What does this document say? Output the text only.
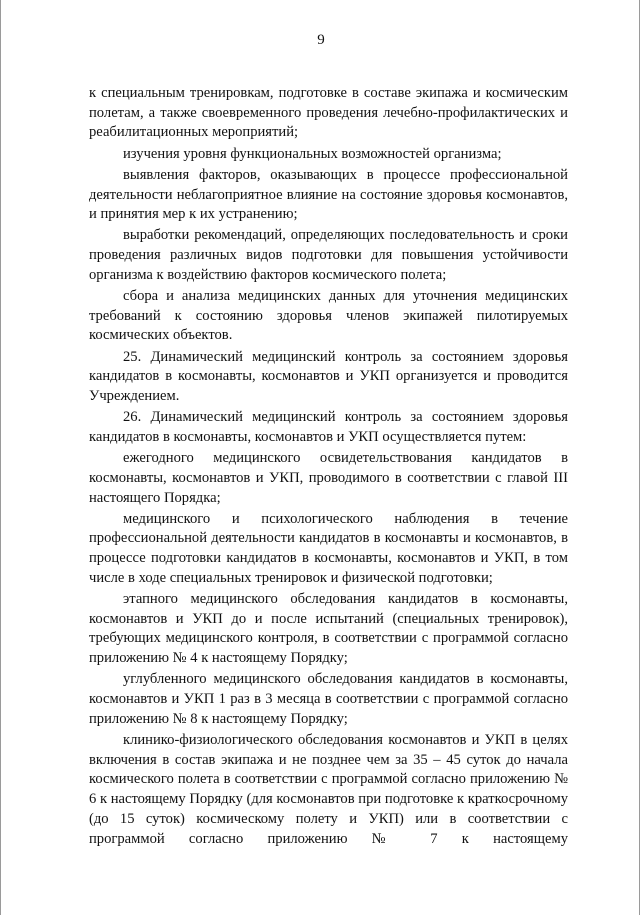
9

к специальным тренировкам, подготовке в составе экипажа и космическим полетам, а также своевременного проведения лечебно-профилактических и реабилитационных мероприятий;

изучения уровня функциональных возможностей организма;

выявления факторов, оказывающих в процессе профессиональной деятельности неблагоприятное влияние на состояние здоровья космонавтов, и принятия мер к их устранению;

выработки рекомендаций, определяющих последовательность и сроки проведения различных видов подготовки для повышения устойчивости организма к воздействию факторов космического полета;

сбора и анализа медицинских данных для уточнения медицинских требований к состоянию здоровья членов экипажей пилотируемых космических объектов.

25. Динамический медицинский контроль за состоянием здоровья кандидатов в космонавты, космонавтов и УКП организуется и проводится Учреждением.

26. Динамический медицинский контроль за состоянием здоровья кандидатов в космонавты, космонавтов и УКП осуществляется путем:

ежегодного медицинского освидетельствования кандидатов в космонавты, космонавтов и УКП, проводимого в соответствии с главой III настоящего Порядка;

медицинского и психологического наблюдения в течение профессиональной деятельности кандидатов в космонавты и космонавтов, в процессе подготовки кандидатов в космонавты, космонавтов и УКП, в том числе в ходе специальных тренировок и физической подготовки;

этапного медицинского обследования кандидатов в космонавты, космонавтов и УКП до и после испытаний (специальных тренировок), требующих медицинского контроля, в соответствии с программой согласно приложению № 4 к настоящему Порядку;

углубленного медицинского обследования кандидатов в космонавты, космонавтов и УКП 1 раз в 3 месяца в соответствии с программой согласно приложению № 8 к настоящему Порядку;

клинико-физиологического обследования космонавтов и УКП в целях включения в состав экипажа и не позднее чем за 35 – 45 суток до начала космического полета в соответствии с программой согласно приложению № 6 к настоящему Порядку (для космонавтов при подготовке к краткосрочному (до 15 суток) космическому полету и УКП) или в соответствии с программой согласно приложению № 7 к настоящему
